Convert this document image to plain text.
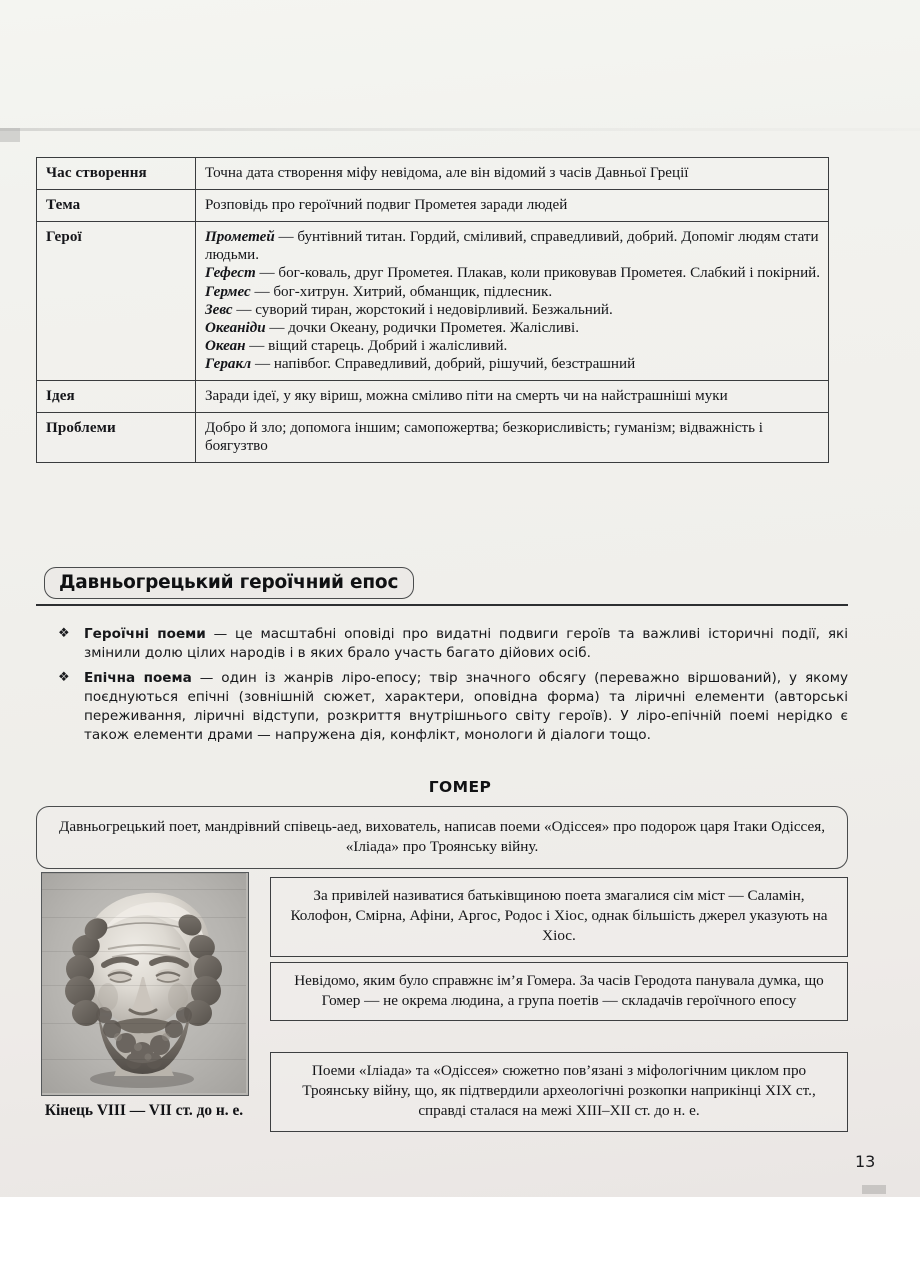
Час створення	Точна дата створення міфу невідома, але він відомий з часів Давньої Греції
Тема	Розповідь про героїчний подвиг Прометея заради людей
Герої	Прометей — бунтівний титан. Гордий, сміливий, справедливий, добрий. Допоміг людям стати людьми.

Гефест — бог-коваль, друг Прометея. Плакав, коли приковував Прометея. Слабкий і покірний.

Гермес — бог-хитрун. Хитрий, обманщик, підлесник.

Зевс — суворий тиран, жорстокий і недовірливий. Безжальний.

Океаніди — дочки Океану, родички Прометея. Жалісливі.

Океан — віщий старець. Добрий і жалісливий.

Геракл — напівбог. Справедливий, добрий, рішучий, безстрашний

Ідея	Заради ідеї, у яку віриш, можна сміливо піти на смерть чи на найстрашніші муки
Проблеми	Добро й зло; допомога іншим; самопожертва; безкорисливість; гуманізм; відважність і боягузтво
Давньогрецький героїчний епос
❖ Героїчні поеми — це масштабні оповіді про видатні подвиги героїв та важливі історичні події, які змінили долю цілих народів і в яких брало участь багато дійових осіб.
❖ Епічна поема — один із жанрів ліро-епосу; твір значного обсягу (переважно віршований), у якому поєднуються епічні (зовнішній сюжет, характери, оповідна форма) та ліричні елементи (авторські переживання, ліричні відступи, розкриття внутрішнього світу героїв). У ліро-епічній поемі нерідко є також елементи драми — напружена дія, конфлікт, монологи й діалоги тощо.
ГОМЕР
Давньогрецький поет, мандрівний співець-аед, вихователь, написав поеми «Одіссея» про подорож царя Ітаки Одіссея, «Іліада» про Троянську війну.
Кінець VIII — VII ст. до н. е.
За привілей називатися батьківщиною поета змагалися сім міст — Саламін, Колофон, Смірна, Афіни, Аргос, Родос і Хіос, однак більшість джерел указують на Хіос.
Невідомо, яким було справжнє ім’я Гомера. За часів Геродота панувала думка, що Гомер — не окрема людина, а група поетів — складачів героїчного епосу
Поеми «Іліада» та «Одіссея» сюжетно пов’язані з міфологічним циклом про Троянську війну, що, як підтвердили археологічні розкопки наприкінці XIX ст., справді сталася на межі XIII–XII ст. до н. е.
13
